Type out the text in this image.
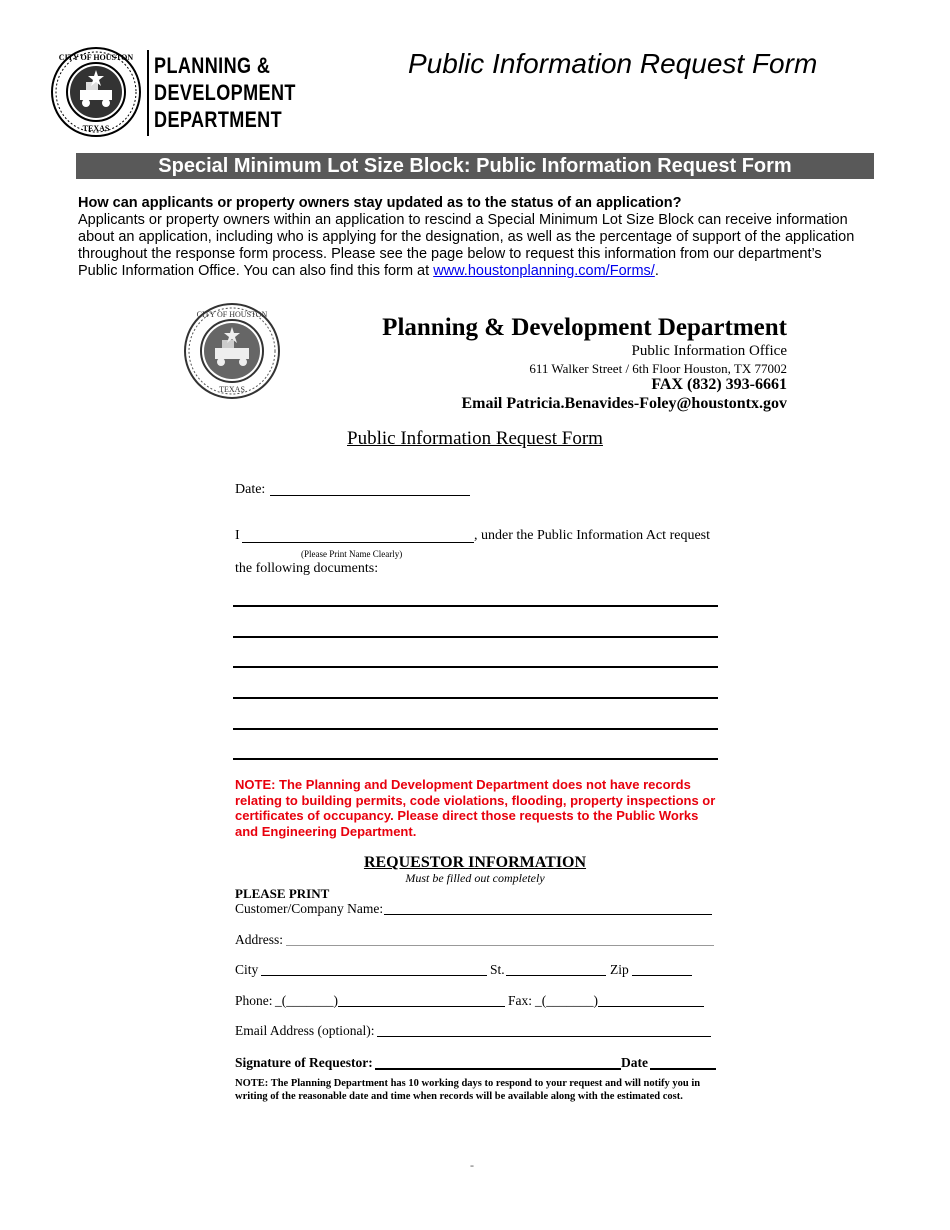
CITY OF HOUSTON
TEXAS
PLANNING &
DEVELOPMENT
DEPARTMENT
Public Information Request Form
Special Minimum Lot Size Block: Public Information Request Form
How can applicants or property owners stay updated as to the status of an application?
Applicants or property owners within an application to rescind a Special Minimum Lot Size Block can receive information
about an application, including who is applying for the designation, as well as the percentage of support of the application
throughout the response form process. Please see the page below to request this information from our department’s
Public Information Office. You can also find this form at www.houstonplanning.com/Forms/.
CITY OF HOUSTON
TEXAS
Planning & Development Department
Public Information Office
611 Walker Street / 6th Floor Houston, TX 77002
FAX (832) 393-6661
Email Patricia.Benavides-Foley@houstontx.gov
Public Information Request Form
Date:
I	, under the Public Information Act request
(Please Print Name Clearly)
the following documents:
NOTE: The Planning and Development Department does not have records relating to building permits, code violations, flooding, property inspections or certificates of occupancy. Please direct those requests to the Public Works and Engineering Department.
REQUESTOR INFORMATION
Must be filled out completely
PLEASE PRINT
Customer/Company Name:
Address:
City	St.	Zip
Phone: _(_______)	Fax: _(_______)
Email Address (optional):
Signature of Requestor:	Date
NOTE: The Planning Department has 10 working days to respond to your request and will notify you in writing of the reasonable date and time when records will be available along with the estimated cost.
-
